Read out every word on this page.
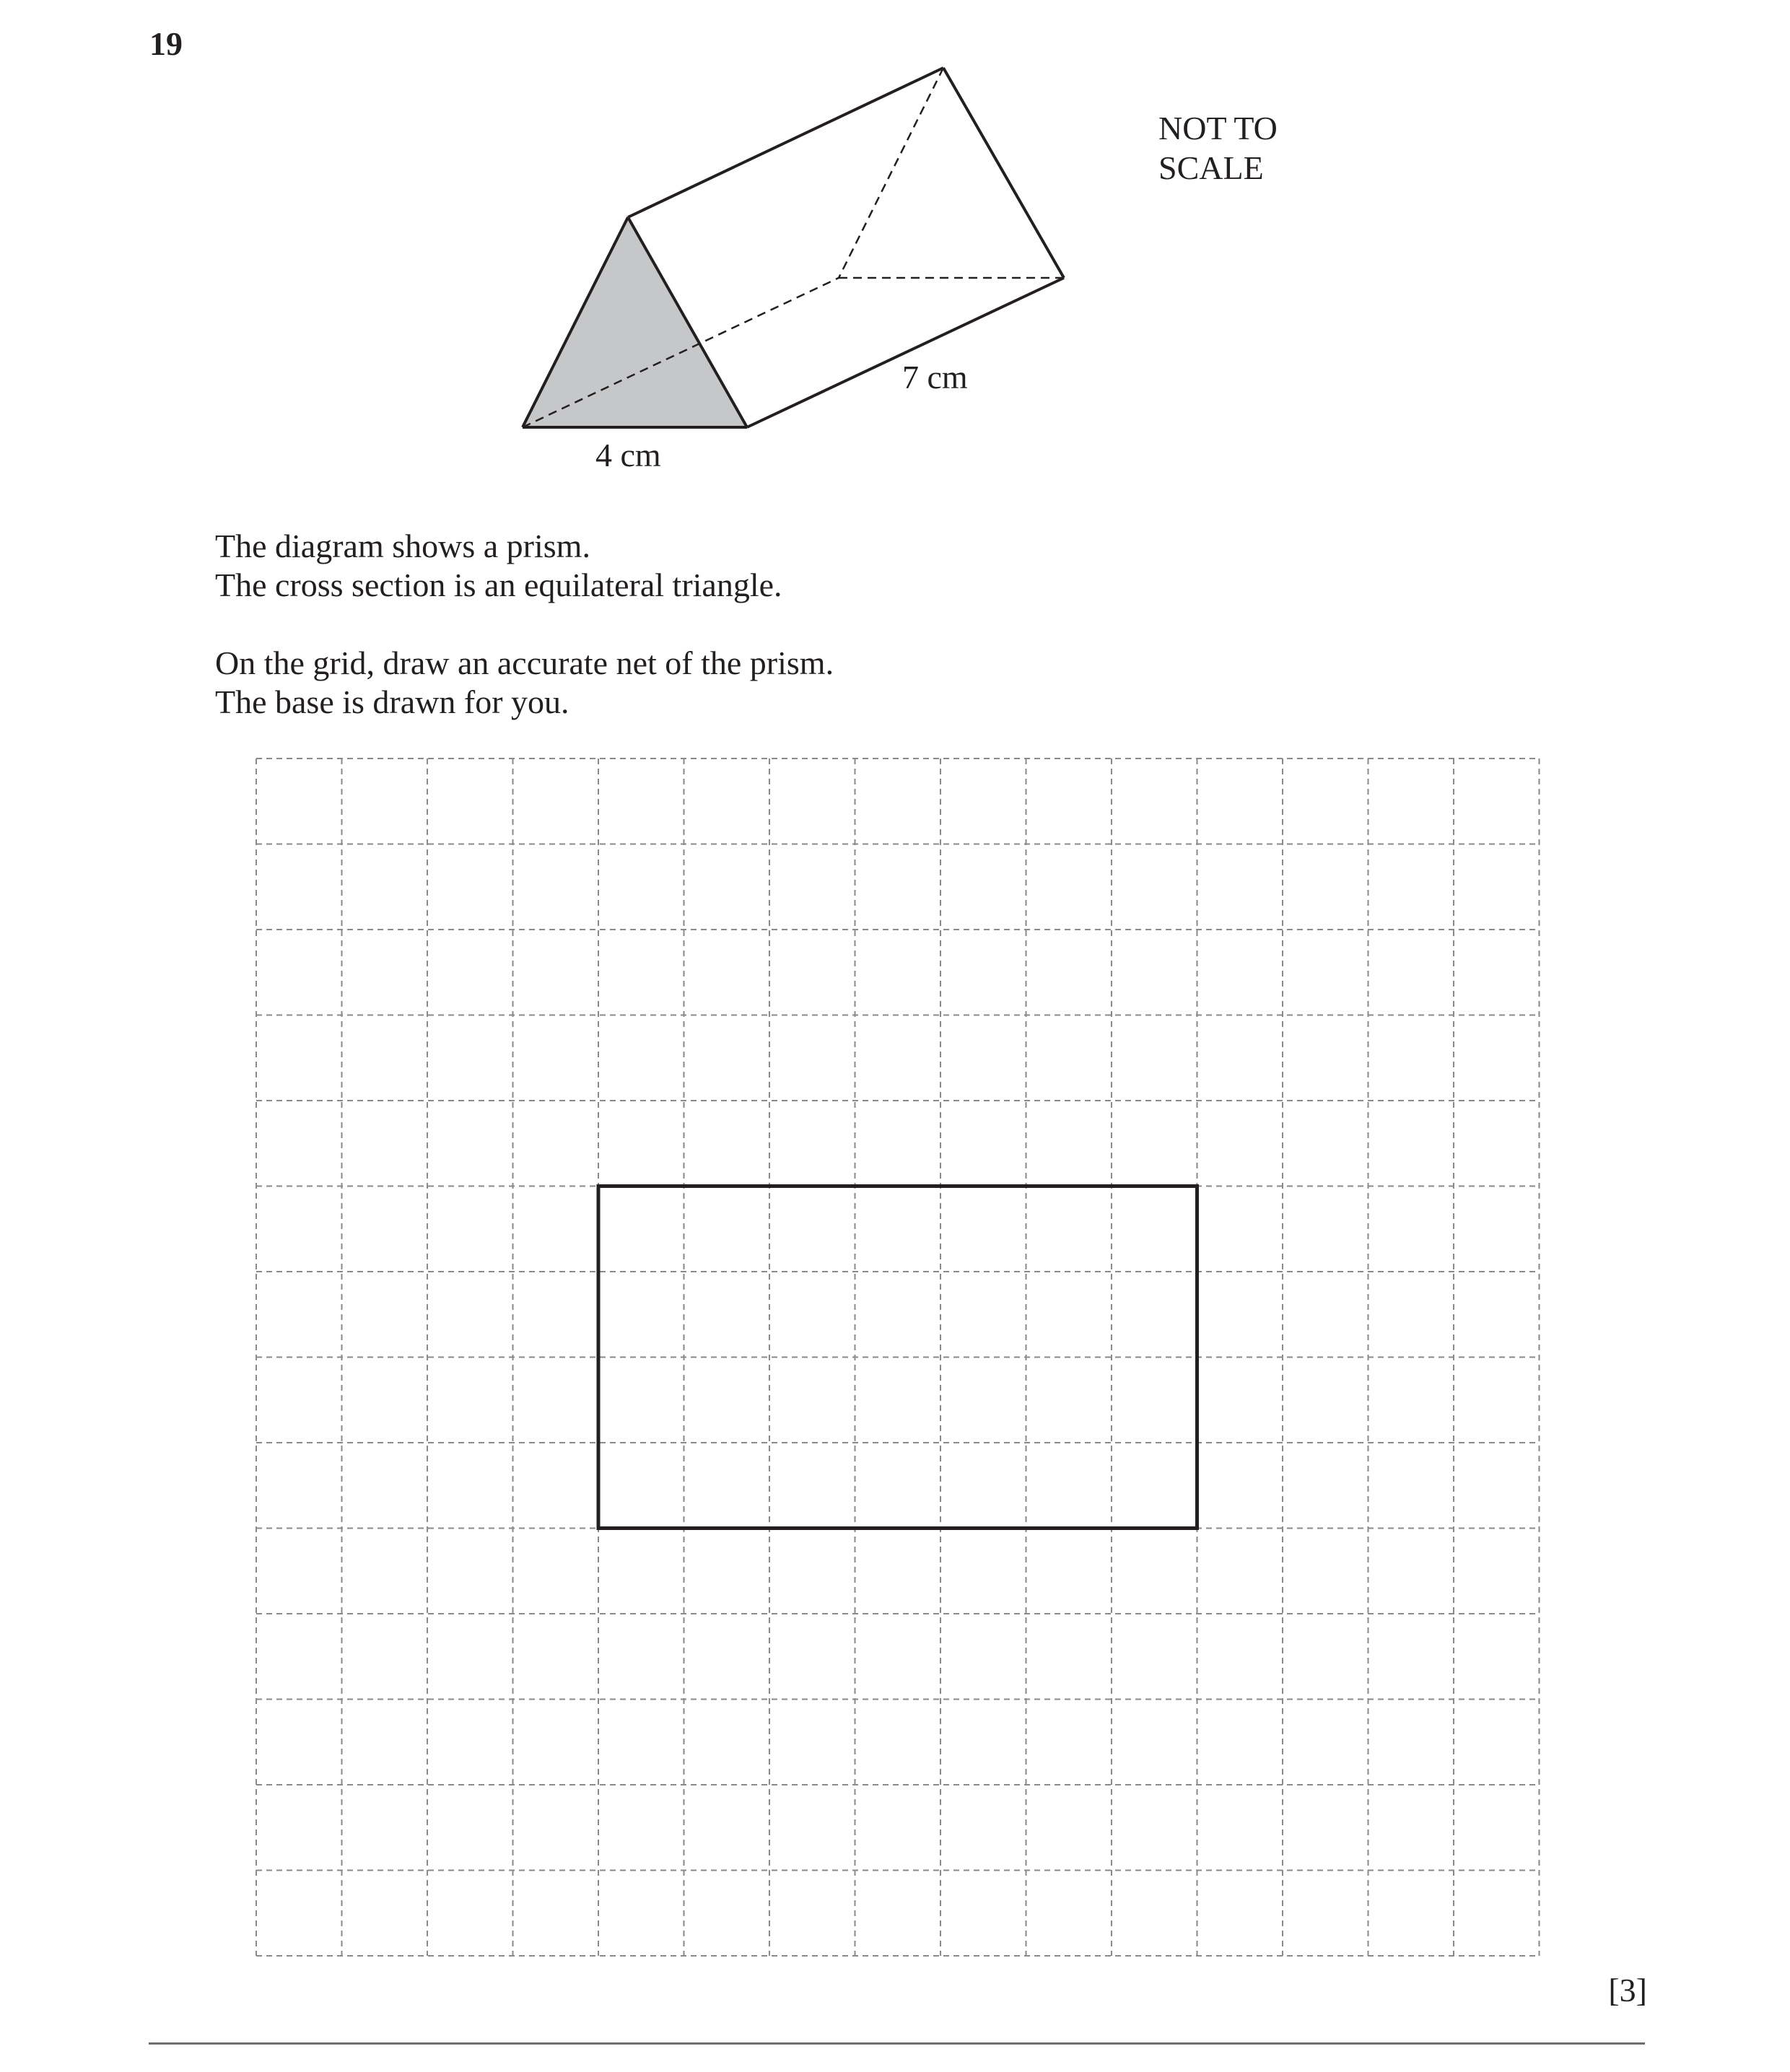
19
NOT TO
SCALE
7 cm
4 cm
The diagram shows a prism.
The cross section is an equilateral triangle.
On the grid, draw an accurate net of the prism.
The base is drawn for you.
[3]
